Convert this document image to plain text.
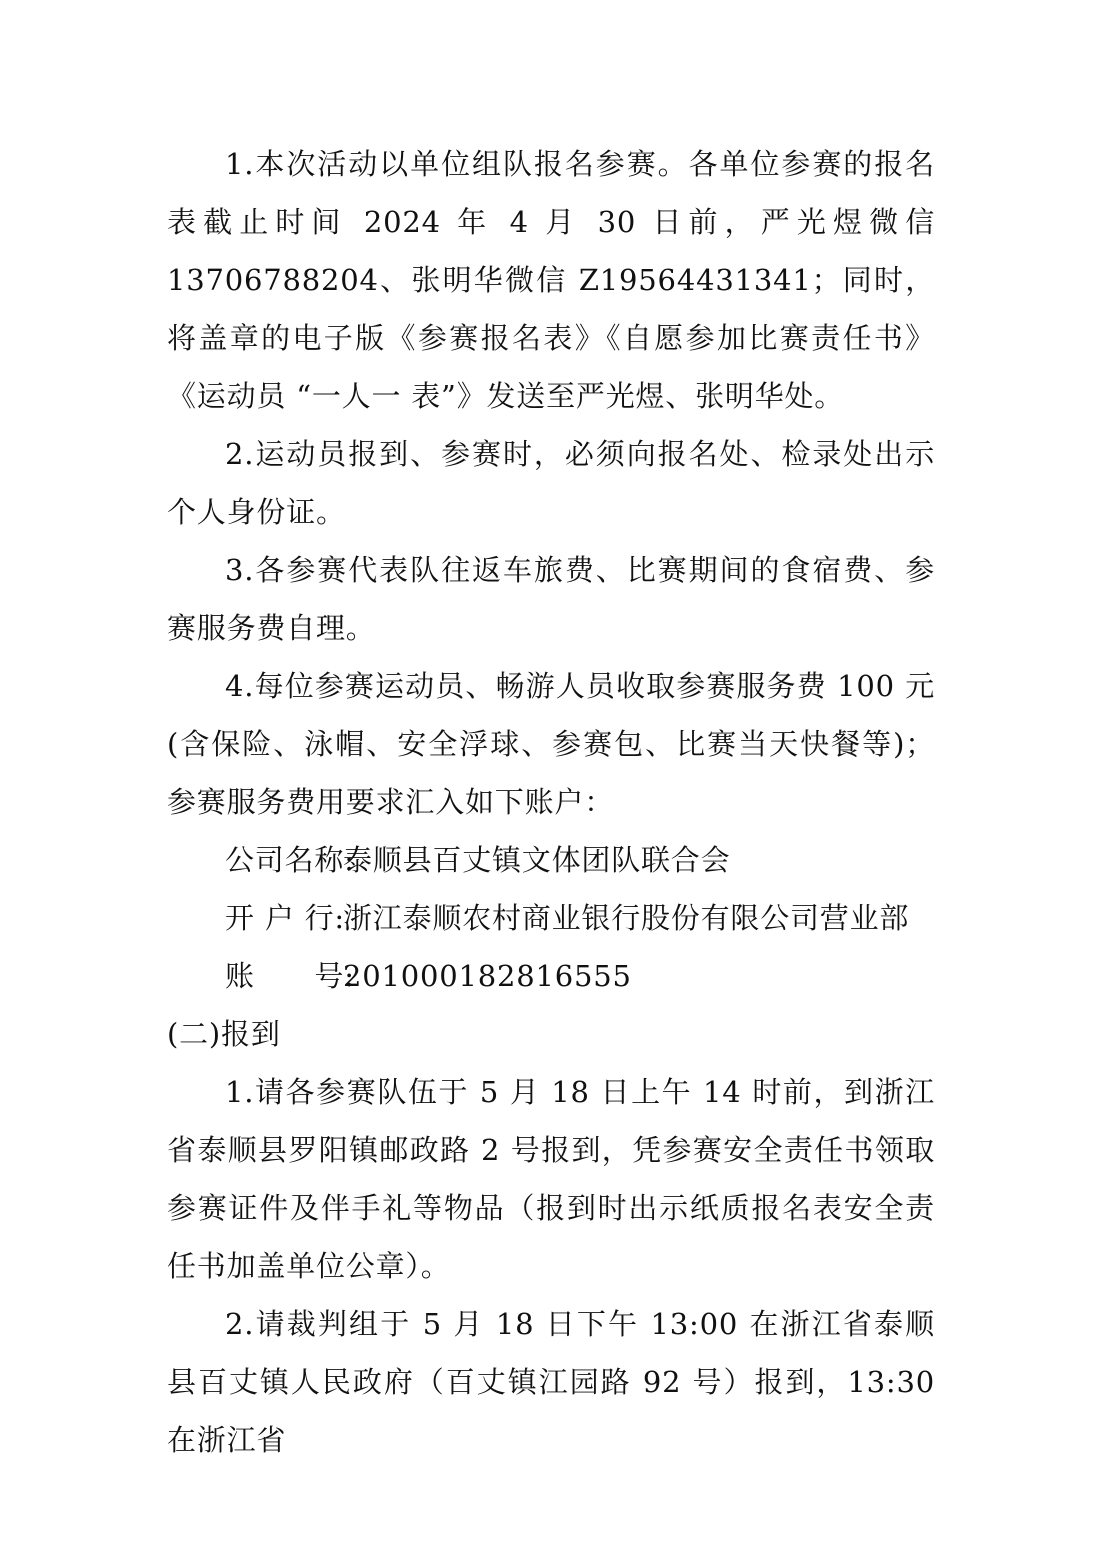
1.本次活动以单位组队报名参赛。各单位参赛的报名表截止时间 2024 年 4 月 30 日前，严光煜微信 13706788204、张明华微信 Z19564431341；同时，将盖章的电子版《参赛报名表》《自愿参加比赛责任书》《运动员 “一人一 表”》发送至严光煜、张明华处。

2.运动员报到、参赛时，必须向报名处、检录处出示个人身份证。

3.各参赛代表队往返车旅费、比赛期间的食宿费、参赛服务费自理。

4.每位参赛运动员、畅游人员收取参赛服务费 100 元(含保险、泳帽、安全浮球、参赛包、比赛当天快餐等)；参赛服务费用要求汇入如下账户：

公司名称:
泰顺县百丈镇文体团队联合会
开 户 行:
浙江泰顺农村商业银行股份有限公司营业部
账　　号:
201000182816555

(二)报到

1.请各参赛队伍于 5 月 18 日上午 14 时前，到浙江省泰顺县罗阳镇邮政路 2 号报到，凭参赛安全责任书领取参赛证件及伴手礼等物品（报到时出示纸质报名表安全责任书加盖单位公章）。

2.请裁判组于 5 月 18 日下午 13:00 在浙江省泰顺县百丈镇人民政府（百丈镇江园路 92 号）报到，13:30 在浙江省
